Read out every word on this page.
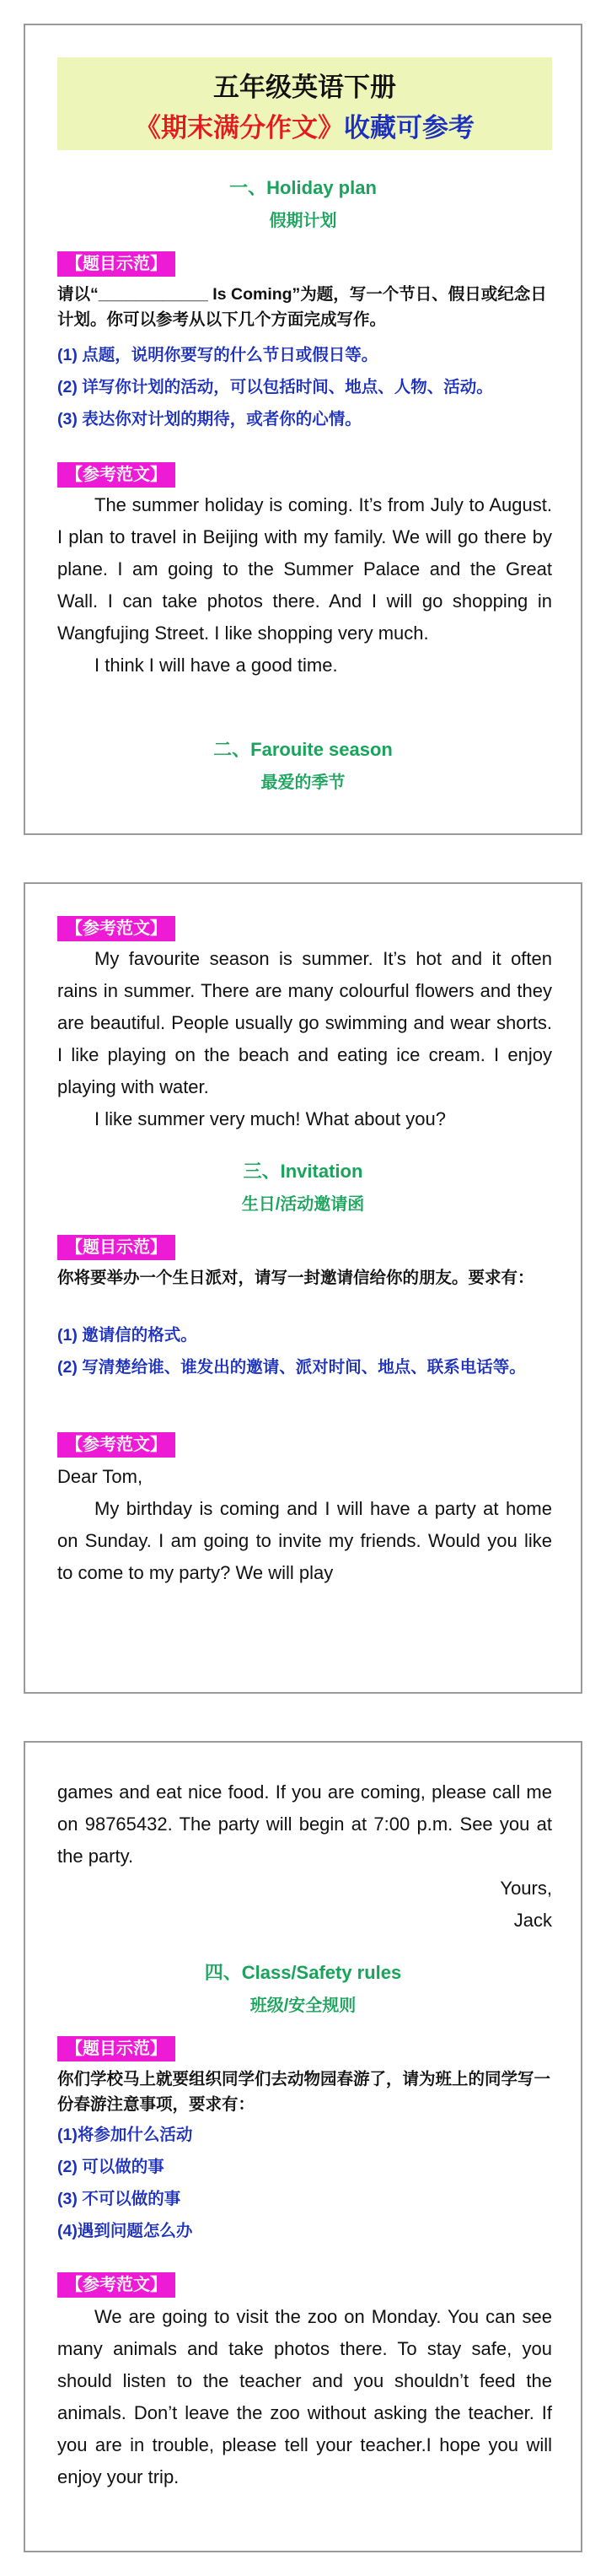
五年级英语下册
《期末满分作文》收藏可参考
一、Holiday plan
假期计划
【题目示范】
请以“____________ Is Coming”为题，写一个节日、假日或纪念日计划。你可以参考从以下几个方面完成写作。
(1) 点题，说明你要写的什么节日或假日等。
(2) 详写你计划的活动，可以包括时间、地点、人物、活动。
(3) 表达你对计划的期待，或者你的心情。
【参考范文】
The summer holiday is coming. It’s from July to August. I plan to travel in Beijing with my family. We will go there by plane. I am going to the Summer Palace and the Great Wall. I can take photos there. And I will go shopping in Wangfujing Street. I like shopping very much.
I think I will have a good time.
二、Farouite season
最爱的季节
【参考范文】
My favourite season is summer. It’s hot and it often rains in summer. There are many colourful flowers and they are beautiful. People usually go swimming and wear shorts. I like playing on the beach and eating ice cream. I enjoy playing with water.
I like summer very much! What about you?
三、Invitation
生日/活动邀请函
【题目示范】
你将要举办一个生日派对，请写一封邀请信给你的朋友。要求有：
(1) 邀请信的格式。
(2) 写清楚给谁、谁发出的邀请、派对时间、地点、联系电话等。
【参考范文】
Dear Tom,
My birthday is coming and I will have a party at home on Sunday. I am going to invite my friends. Would you like to come to my party? We will play
games and eat nice food. If you are coming, please call me on 98765432. The party will begin at 7:00 p.m. See you at the party.
Yours,
Jack
四、Class/Safety rules
班级/安全规则
【题目示范】
你们学校马上就要组织同学们去动物园春游了，请为班上的同学写一份春游注意事项，要求有：
(1)将参加什么活动
(2) 可以做的事
(3) 不可以做的事
(4)遇到问题怎么办
【参考范文】
We are going to visit the zoo on Monday. You can see many animals and take photos there. To stay safe, you should listen to the teacher and you shouldn’t feed the animals. Don’t leave the zoo without asking the teacher. If you are in trouble, please tell your teacher.I hope you will enjoy your trip.
